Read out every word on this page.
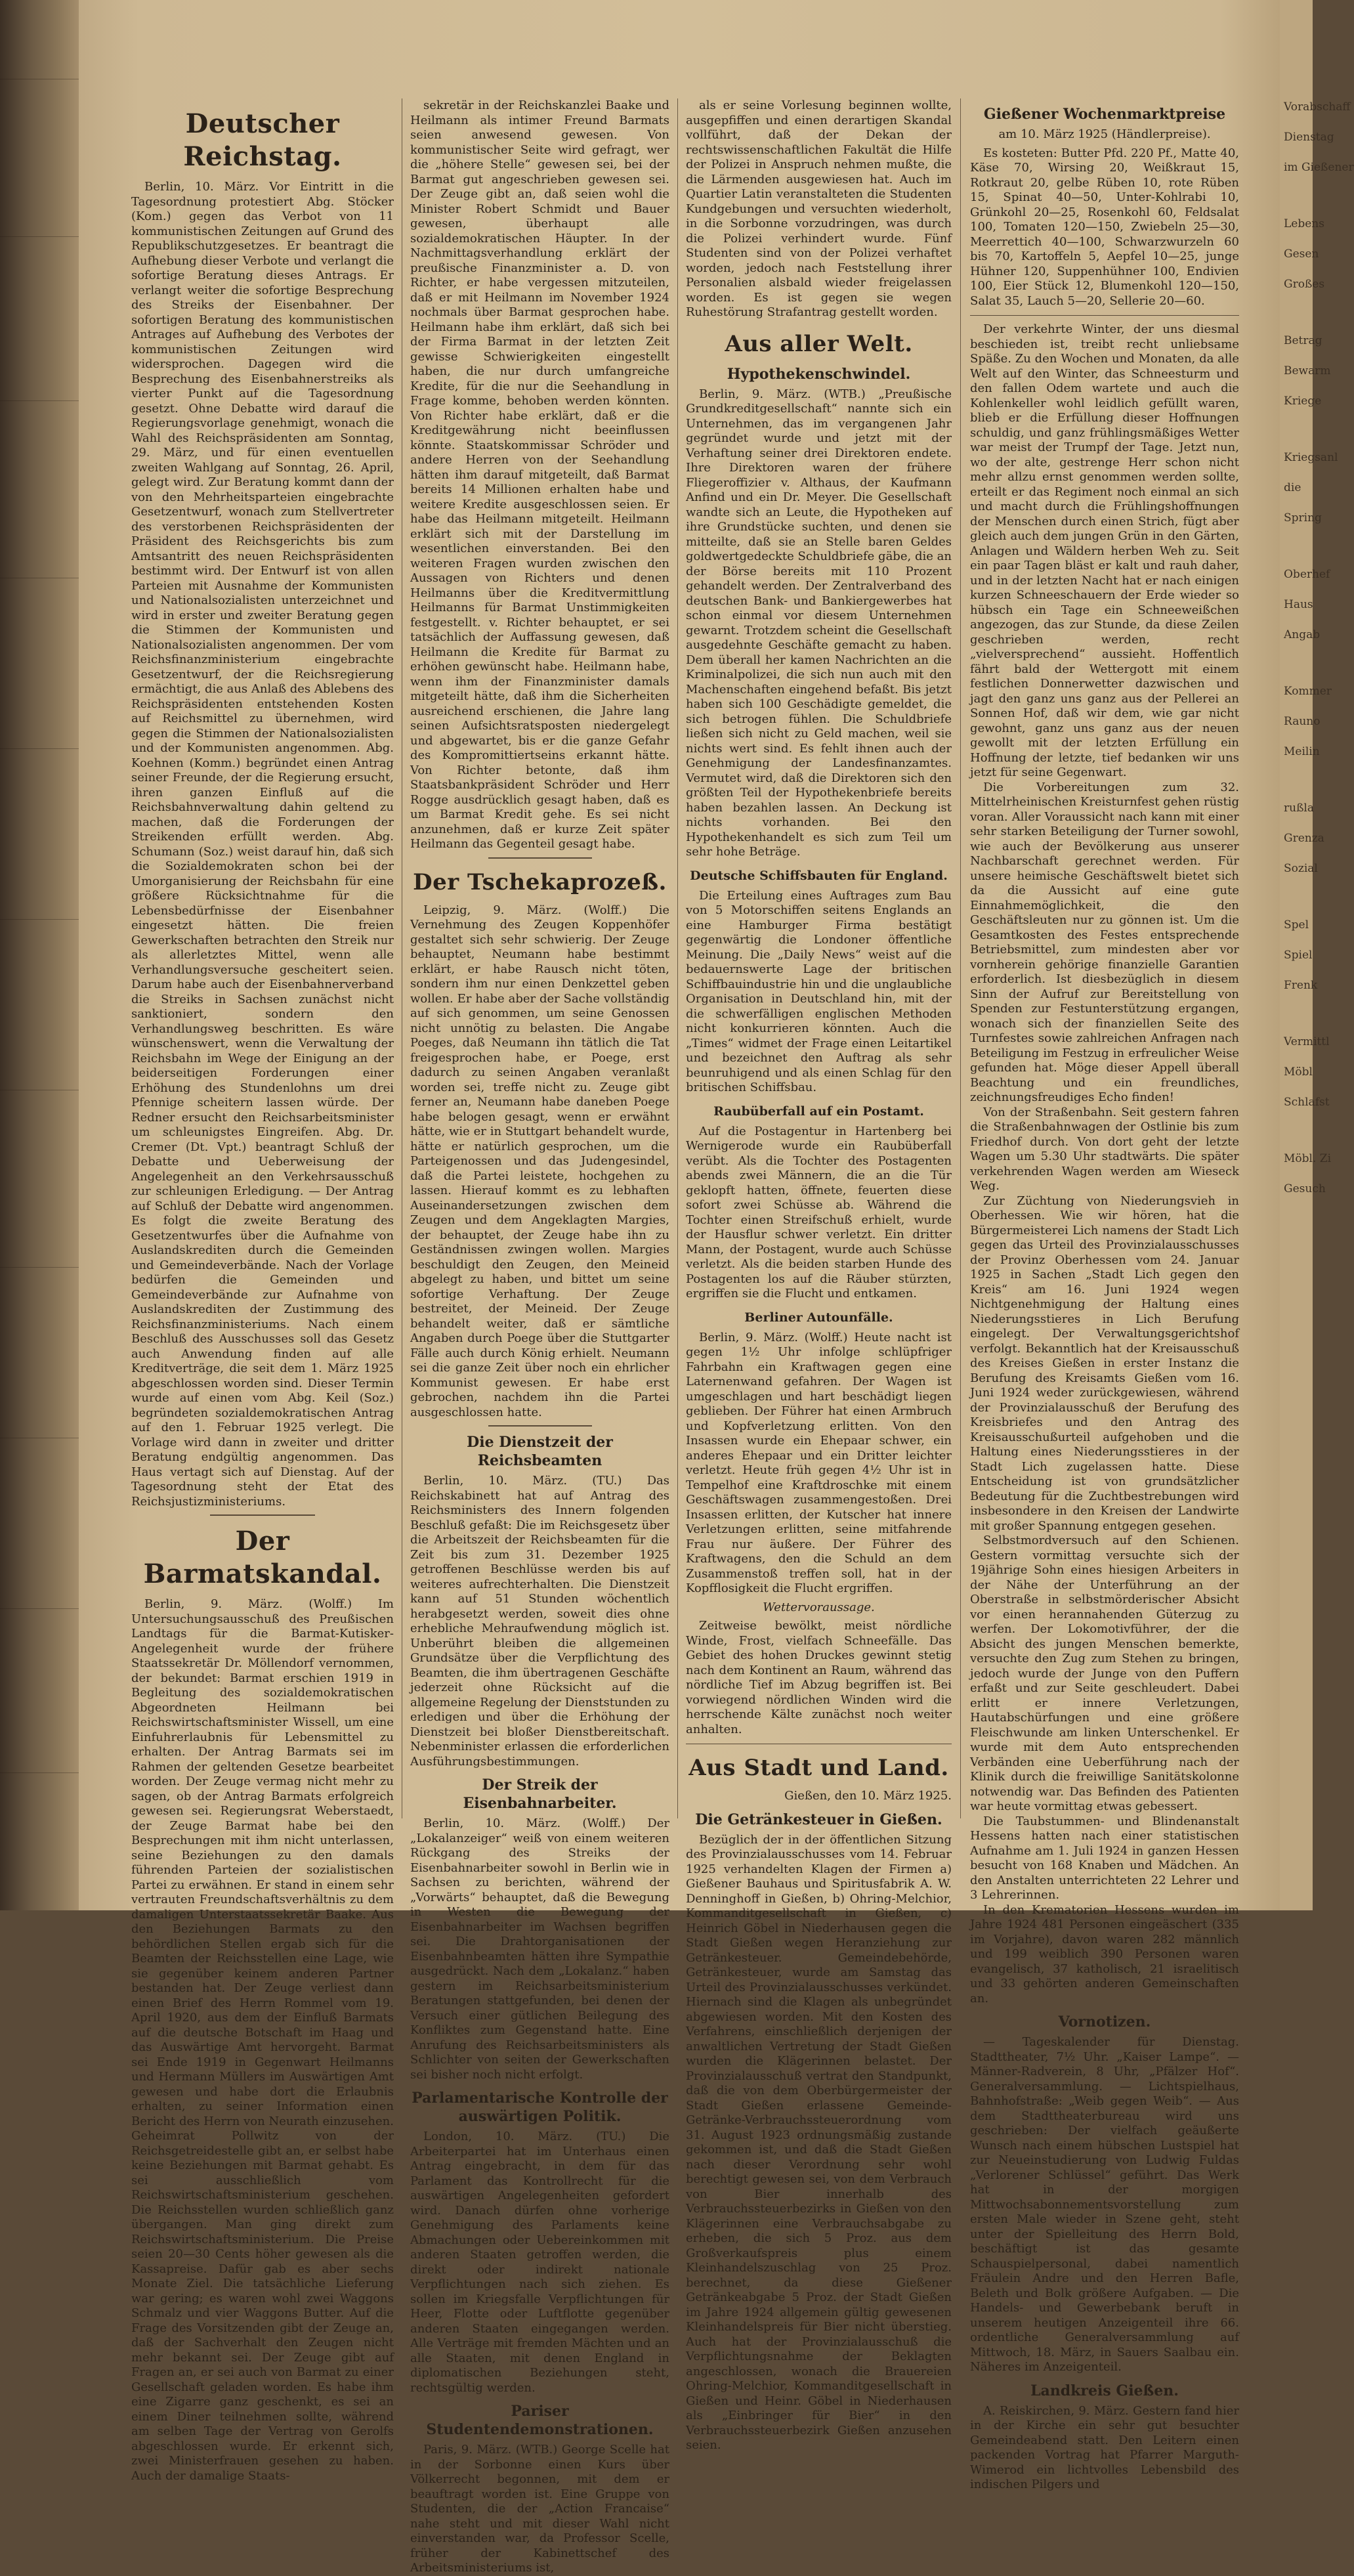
Deutscher Reichstag.

Berlin, 10. März. Vor Eintritt in die Tagesordnung protestiert Abg. Stöcker (Kom.) gegen das Verbot von 11 kommunistischen Zeitungen auf Grund des Republikschutzgesetzes. Er beantragt die Aufhebung dieser Verbote und verlangt die sofortige Beratung dieses Antrags. Er verlangt weiter die sofortige Besprechung des Streiks der Eisenbahner. Der sofortigen Beratung des kommunistischen Antrages auf Aufhebung des Verbotes der kommunistischen Zeitungen wird widersprochen. Dagegen wird die Besprechung des Eisenbahnerstreiks als vierter Punkt auf die Tagesordnung gesetzt. Ohne Debatte wird darauf die Regierungsvorlage genehmigt, wonach die Wahl des Reichspräsidenten am Sonntag, 29. März, und für einen eventuellen zweiten Wahlgang auf Sonntag, 26. April, gelegt wird. Zur Beratung kommt dann der von den Mehrheitsparteien eingebrachte Gesetzentwurf, wonach zum Stellvertreter des verstorbenen Reichspräsidenten der Präsident des Reichsgerichts bis zum Amtsantritt des neuen Reichspräsidenten bestimmt wird. Der Entwurf ist von allen Parteien mit Ausnahme der Kommunisten und Nationalsozialisten unterzeichnet und wird in erster und zweiter Beratung gegen die Stimmen der Kommunisten und Nationalsozialisten angenommen. Der vom Reichsfinanzministerium eingebrachte Gesetzentwurf, der die Reichsregierung ermächtigt, die aus Anlaß des Ablebens des Reichspräsidenten entstehenden Kosten auf Reichsmittel zu übernehmen, wird gegen die Stimmen der Nationalsozialisten und der Kommunisten angenommen. Abg. Koehnen (Komm.) begründet einen Antrag seiner Freunde, der die Regierung ersucht, ihren ganzen Einfluß auf die Reichsbahnverwaltung dahin geltend zu machen, daß die Forderungen der Streikenden erfüllt werden. Abg. Schumann (Soz.) weist darauf hin, daß sich die Sozialdemokraten schon bei der Umorganisierung der Reichsbahn für eine größere Rücksichtnahme für die Lebensbedürfnisse der Eisenbahner eingesetzt hätten. Die freien Gewerkschaften betrachten den Streik nur als allerletztes Mittel, wenn alle Verhandlungsversuche gescheitert seien. Darum habe auch der Eisenbahnerverband die Streiks in Sachsen zunächst nicht sanktioniert, sondern den Verhandlungsweg beschritten. Es wäre wünschenswert, wenn die Verwaltung der Reichsbahn im Wege der Einigung an der beiderseitigen Forderungen einer Erhöhung des Stundenlohns um drei Pfennige scheitern lassen würde. Der Redner ersucht den Reichsarbeitsminister um schleunigstes Eingreifen. Abg. Dr. Cremer (Dt. Vpt.) beantragt Schluß der Debatte und Ueberweisung der Angelegenheit an den Verkehrsausschuß zur schleunigen Erledigung. — Der Antrag auf Schluß der Debatte wird angenommen. Es folgt die zweite Beratung des Gesetzentwurfes über die Aufnahme von Auslandskrediten durch die Gemeinden und Gemeindeverbände. Nach der Vorlage bedürfen die Gemeinden und Gemeindeverbände zur Aufnahme von Auslandskrediten der Zustimmung des Reichsfinanzministeriums. Nach einem Beschluß des Ausschusses soll das Gesetz auch Anwendung finden auf alle Kreditverträge, die seit dem 1. März 1925 abgeschlossen worden sind. Dieser Termin wurde auf einen vom Abg. Keil (Soz.) begründeten sozialdemokratischen Antrag auf den 1. Februar 1925 verlegt. Die Vorlage wird dann in zweiter und dritter Beratung endgültig angenommen. Das Haus vertagt sich auf Dienstag. Auf der Tagesordnung steht der Etat des Reichsjustizministeriums.

Der Barmatskandal.

Berlin, 9. März. (Wolff.) Im Untersuchungsausschuß des Preußischen Landtags für die Barmat-Kutisker-Angelegenheit wurde der frühere Staatssekretär Dr. Möllendorf vernommen, der bekundet: Barmat erschien 1919 in Begleitung des sozialdemokratischen Abgeordneten Heilmann bei Reichswirtschaftsminister Wissell, um eine Einfuhrerlaubnis für Lebensmittel zu erhalten. Der Antrag Barmats sei im Rahmen der geltenden Gesetze bearbeitet worden. Der Zeuge vermag nicht mehr zu sagen, ob der Antrag Barmats erfolgreich gewesen sei. Regierungsrat Weberstaedt, der Zeuge Barmat habe bei den Besprechungen mit ihm nicht unterlassen, seine Beziehungen zu den damals führenden Parteien der sozialistischen Partei zu erwähnen. Er stand in einem sehr vertrauten Freundschaftsverhältnis zu dem damaligen Unterstaatssekretär Baake. Aus den Beziehungen Barmats zu den behördlichen Stellen ergab sich für die Beamten der Reichsstellen eine Lage, wie sie gegenüber keinem anderen Partner bestanden hat. Der Zeuge verliest dann einen Brief des Herrn Rommel vom 19. April 1920, aus dem der Einfluß Barmats auf die deutsche Botschaft im Haag und das Auswärtige Amt hervorgeht. Barmat sei Ende 1919 in Gegenwart Heilmanns und Hermann Müllers im Auswärtigen Amt gewesen und habe dort die Erlaubnis erhalten, zu seiner Information einen Bericht des Herrn von Neurath einzusehen. Geheimrat Pollwitz von der Reichsgetreidestelle gibt an, er selbst habe keine Beziehungen mit Barmat gehabt. Es sei ausschließlich vom Reichswirtschaftsministerium geschehen. Die Reichsstellen wurden schließlich ganz übergangen. Man ging direkt zum Reichswirtschaftsministerium. Die Preise seien 20—30 Cents höher gewesen als die Kassapreise. Dafür gab es aber sechs Monate Ziel. Die tatsächliche Lieferung war gering; es waren wohl zwei Waggons Schmalz und vier Waggons Butter. Auf die Frage des Vorsitzenden gibt der Zeuge an, daß der Sachverhalt den Zeugen nicht mehr bekannt sei. Der Zeuge gibt auf Fragen an, er sei auch von Barmat zu einer Gesellschaft geladen worden. Es habe ihm eine Zigarre ganz geschenkt, es sei an einem Diner teilnehmen sollte, während am selben Tage der Vertrag von Gerolfs abgeschlossen wurde. Er erkennt sich, zwei Ministerfrauen gesehen zu haben. Auch der damalige Staats-

sekretär in der Reichskanzlei Baake und Heilmann als intimer Freund Barmats seien anwesend gewesen. Von kommunistischer Seite wird gefragt, wer die „höhere Stelle“ gewesen sei, bei der Barmat gut angeschrieben gewesen sei. Der Zeuge gibt an, daß seien wohl die Minister Robert Schmidt und Bauer gewesen, überhaupt alle sozialdemokratischen Häupter. In der Nachmittagsverhandlung erklärt der preußische Finanzminister a. D. von Richter, er habe vergessen mitzuteilen, daß er mit Heilmann im November 1924 nochmals über Barmat gesprochen habe. Heilmann habe ihm erklärt, daß sich bei der Firma Barmat in der letzten Zeit gewisse Schwierigkeiten eingestellt haben, die nur durch umfangreiche Kredite, für die nur die Seehandlung in Frage komme, behoben werden könnten. Von Richter habe erklärt, daß er die Kreditgewährung nicht beeinflussen könnte. Staatskommissar Schröder und andere Herren von der Seehandlung hätten ihm darauf mitgeteilt, daß Barmat bereits 14 Millionen erhalten habe und weitere Kredite ausgeschlossen seien. Er habe das Heilmann mitgeteilt. Heilmann erklärt sich mit der Darstellung im wesentlichen einverstanden. Bei den weiteren Fragen wurden zwischen den Aussagen von Richters und denen Heilmanns über die Kreditvermittlung Heilmanns für Barmat Unstimmigkeiten festgestellt. v. Richter behauptet, er sei tatsächlich der Auffassung gewesen, daß Heilmann die Kredite für Barmat zu erhöhen gewünscht habe. Heilmann habe, wenn ihm der Finanzminister damals mitgeteilt hätte, daß ihm die Sicherheiten ausreichend erschienen, die Jahre lang seinen Aufsichtsratsposten niedergelegt und abgewartet, bis er die ganze Gefahr des Kompromittiertseins erkannt hätte. Von Richter betonte, daß ihm Staatsbankpräsident Schröder und Herr Rogge ausdrücklich gesagt haben, daß es um Barmat Kredit gehe. Es sei nicht anzunehmen, daß er kurze Zeit später Heilmann das Gegenteil gesagt habe.

Der Tschekaprozeß.

Leipzig, 9. März. (Wolff.) Die Vernehmung des Zeugen Koppenhöfer gestaltet sich sehr schwierig. Der Zeuge behauptet, Neumann habe bestimmt erklärt, er habe Rausch nicht töten, sondern ihm nur einen Denkzettel geben wollen. Er habe aber der Sache vollständig auf sich genommen, um seine Genossen nicht unnötig zu belasten. Die Angabe Poeges, daß Neumann ihn tätlich die Tat freigesprochen habe, er Poege, erst dadurch zu seinen Angaben veranlaßt worden sei, treffe nicht zu. Zeuge gibt ferner an, Neumann habe daneben Poege habe belogen gesagt, wenn er erwähnt hätte, wie er in Stuttgart behandelt wurde, hätte er natürlich gesprochen, um die Parteigenossen und das Judengesindel, daß die Partei leistete, hochgehen zu lassen. Hierauf kommt es zu lebhaften Auseinandersetzungen zwischen dem Zeugen und dem Angeklagten Margies, der behauptet, der Zeuge habe ihn zu Geständnissen zwingen wollen. Margies beschuldigt den Zeugen, den Meineid abgelegt zu haben, und bittet um seine sofortige Verhaftung. Der Zeuge bestreitet, der Meineid. Der Zeuge behandelt weiter, daß er sämtliche Angaben durch Poege über die Stuttgarter Fälle auch durch König erhielt. Neumann sei die ganze Zeit über noch ein ehrlicher Kommunist gewesen. Er habe erst gebrochen, nachdem ihn die Partei ausgeschlossen hatte.

Die Dienstzeit der Reichsbeamten

Berlin, 10. März. (TU.) Das Reichskabinett hat auf Antrag des Reichsministers des Innern folgenden Beschluß gefaßt: Die im Reichsgesetz über die Arbeitszeit der Reichsbeamten für die Zeit bis zum 31. Dezember 1925 getroffenen Beschlüsse werden bis auf weiteres aufrechterhalten. Die Dienstzeit kann auf 51 Stunden wöchentlich herabgesetzt werden, soweit dies ohne erhebliche Mehraufwendung möglich ist. Unberührt bleiben die allgemeinen Grundsätze über die Verpflichtung des Beamten, die ihm übertragenen Geschäfte jederzeit ohne Rücksicht auf die allgemeine Regelung der Dienststunden zu erledigen und über die Erhöhung der Dienstzeit bei bloßer Dienstbereitschaft. Nebenminister erlassen die erforderlichen Ausführungsbestimmungen.

Der Streik der Eisenbahnarbeiter.

Berlin, 10. März. (Wolff.) Der „Lokalanzeiger“ weiß von einem weiteren Rückgang des Streiks der Eisenbahnarbeiter sowohl in Berlin wie in Sachsen zu berichten, während der „Vorwärts“ behauptet, daß die Bewegung in Westen die Bewegung der Eisenbahnarbeiter im Wachsen begriffen sei. Die Drahtorganisationen der Eisenbahnbeamten hätten ihre Sympathie ausgedrückt. Nach dem „Lokalanz.“ haben gestern im Reichsarbeitsministerium Beratungen stattgefunden, bei denen der Versuch einer gütlichen Beilegung des Konfliktes zum Gegenstand hatte. Eine Anrufung des Reichsarbeitsministers als Schlichter von seiten der Gewerkschaften sei bisher noch nicht erfolgt.

Parlamentarische Kontrolle der auswärtigen Politik.

London, 10. März. (TU.) Die Arbeiterpartei hat im Unterhaus einen Antrag eingebracht, in dem für das Parlament das Kontrollrecht für die auswärtigen Angelegenheiten gefordert wird. Danach dürfen ohne vorherige Genehmigung des Parlaments keine Abmachungen oder Uebereinkommen mit anderen Staaten getroffen werden, die direkt oder indirekt nationale Verpflichtungen nach sich ziehen. Es sollen im Kriegsfalle Verpflichtungen für Heer, Flotte oder Luftflotte gegenüber anderen Staaten eingegangen werden. Alle Verträge mit fremden Mächten und an alle Staaten, mit denen England in diplomatischen Beziehungen steht, rechtsgültig werden.

Pariser Studentendemonstrationen.

Paris, 9. März. (WTB.) George Scelle hat in der Sorbonne einen Kurs über Völkerrecht begonnen, mit dem er beauftragt worden ist. Eine Gruppe von Studenten, die der „Action Francaise“ nahe steht und mit dieser Wahl nicht einverstanden war, da Professor Scelle, früher der Kabinettschef des Arbeitsministeriums ist,

als er seine Vorlesung beginnen wollte, ausgepfiffen und einen derartigen Skandal vollführt, daß der Dekan der rechtswissenschaftlichen Fakultät die Hilfe der Polizei in Anspruch nehmen mußte, die die Lärmenden ausgewiesen hat. Auch im Quartier Latin veranstalteten die Studenten Kundgebungen und versuchten wiederholt, in die Sorbonne vorzudringen, was durch die Polizei verhindert wurde. Fünf Studenten sind von der Polizei verhaftet worden, jedoch nach Feststellung ihrer Personalien alsbald wieder freigelassen worden. Es ist gegen sie wegen Ruhestörung Strafantrag gestellt worden.

Aus aller Welt.
Hypothekenschwindel.

Berlin, 9. März. (WTB.) „Preußische Grundkreditgesellschaft“ nannte sich ein Unternehmen, das im vergangenen Jahr gegründet wurde und jetzt mit der Verhaftung seiner drei Direktoren endete. Ihre Direktoren waren der frühere Fliegeroffizier v. Althaus, der Kaufmann Anfind und ein Dr. Meyer. Die Gesellschaft wandte sich an Leute, die Hypotheken auf ihre Grundstücke suchten, und denen sie mitteilte, daß sie an Stelle baren Geldes goldwertgedeckte Schuldbriefe gäbe, die an der Börse bereits mit 110 Prozent gehandelt werden. Der Zentralverband des deutschen Bank- und Bankiergewerbes hat schon einmal vor diesem Unternehmen gewarnt. Trotzdem scheint die Gesellschaft ausgedehnte Geschäfte gemacht zu haben. Dem überall her kamen Nachrichten an die Kriminalpolizei, die sich nun auch mit den Machenschaften eingehend befaßt. Bis jetzt haben sich 100 Geschädigte gemeldet, die sich betrogen fühlen. Die Schuldbriefe ließen sich nicht zu Geld machen, weil sie nichts wert sind. Es fehlt ihnen auch der Genehmigung der Landesfinanzamtes. Vermutet wird, daß die Direktoren sich den größten Teil der Hypothekenbriefe bereits haben bezahlen lassen. An Deckung ist nichts vorhanden. Bei den Hypothekenhandelt es sich zum Teil um sehr hohe Beträge.

Deutsche Schiffsbauten für England.

Die Erteilung eines Auftrages zum Bau von 5 Motorschiffen seitens Englands an eine Hamburger Firma bestätigt gegenwärtig die Londoner öffentliche Meinung. Die „Daily News“ weist auf die bedauernswerte Lage der britischen Schiffbauindustrie hin und die unglaubliche Organisation in Deutschland hin, mit der die schwerfälligen englischen Methoden nicht konkurrieren könnten. Auch die „Times“ widmet der Frage einen Leitartikel und bezeichnet den Auftrag als sehr beunruhigend und als einen Schlag für den britischen Schiffsbau.

Raubüberfall auf ein Postamt.

Auf die Postagentur in Hartenberg bei Wernigerode wurde ein Raubüberfall verübt. Als die Tochter des Postagenten abends zwei Männern, die an die Tür geklopft hatten, öffnete, feuerten diese sofort zwei Schüsse ab. Während die Tochter einen Streifschuß erhielt, wurde der Hausflur schwer verletzt. Ein dritter Mann, der Postagent, wurde auch Schüsse verletzt. Als die beiden starben Hunde des Postagenten los auf die Räuber stürzten, ergriffen sie die Flucht und entkamen.

Berliner Autounfälle.

Berlin, 9. März. (Wolff.) Heute nacht ist gegen 1½ Uhr infolge schlüpfriger Fahrbahn ein Kraftwagen gegen eine Laternenwand gefahren. Der Wagen ist umgeschlagen und hart beschädigt liegen geblieben. Der Führer hat einen Armbruch und Kopfverletzung erlitten. Von den Insassen wurde ein Ehepaar schwer, ein anderes Ehepaar und ein Dritter leichter verletzt. Heute früh gegen 4½ Uhr ist in Tempelhof eine Kraftdroschke mit einem Geschäftswagen zusammengestoßen. Drei Insassen erlitten, der Kutscher hat innere Verletzungen erlitten, seine mitfahrende Frau nur äußere. Der Führer des Kraftwagens, den die Schuld an dem Zusammenstoß treffen soll, hat in der Kopfflosigkeit die Flucht ergriffen.

Wettervoraussage.

Zeitweise bewölkt, meist nördliche Winde, Frost, vielfach Schneefälle. Das Gebiet des hohen Druckes gewinnt stetig nach dem Kontinent an Raum, während das nördliche Tief im Abzug begriffen ist. Bei vorwiegend nördlichen Winden wird die herrschende Kälte zunächst noch weiter anhalten.

Aus Stadt und Land.
Gießen, den 10. März 1925.
Die Getränkesteuer in Gießen.

Bezüglich der in der öffentlichen Sitzung des Provinzialausschusses vom 14. Februar 1925 verhandelten Klagen der Firmen a) Gießener Bauhaus und Spiritusfabrik A. W. Denninghoff in Gießen, b) Ohring-Melchior, Kommanditgesellschaft in Gießen, c) Heinrich Göbel in Niederhausen gegen die Stadt Gießen wegen Heranziehung zur Getränkesteuer. Gemeindebehörde, Getränkesteuer, wurde am Samstag das Urteil des Provinzialausschusses verkündet. Hiernach sind die Klagen als unbegründet abgewiesen worden. Mit den Kosten des Verfahrens, einschließlich derjenigen der anwaltlichen Vertretung der Stadt Gießen wurden die Klägerinnen belastet. Der Provinzialausschuß vertrat den Standpunkt, daß die von dem Oberbürgermeister der Stadt Gießen erlassene Gemeinde-Getränke-Verbrauchssteuerordnung vom 31. August 1923 ordnungsmäßig zustande gekommen ist, und daß die Stadt Gießen nach dieser Verordnung sehr wohl berechtigt gewesen sei, von dem Verbrauch von Bier innerhalb des Verbrauchssteuerbezirks in Gießen von den Klägerinnen eine Verbrauchsabgabe zu erheben, die sich 5 Proz. aus dem Großverkaufspreis plus einem Kleinhandelszuschlag von 25 Proz. berechnet, da diese Gießener Getränkeabgabe 5 Proz. der Stadt Gießen im Jahre 1924 allgemein gültig gewesenen Kleinhandelspreis für Bier nicht überstieg. Auch hat der Provinzialausschuß die Verpflichtungsnahme der Beklagten angeschlossen, wonach die Brauereien Ohring-Melchior, Kommanditgesellschaft in Gießen und Heinr. Göbel in Niederhausen als „Einbringer für Bier“ in den Verbrauchssteuerbezirk Gießen anzusehen seien.

Gießener Wochenmarktpreise
am 10. März 1925 (Händlerpreise).

Es kosteten: Butter Pfd. 220 Pf., Matte 40, Käse 70, Wirsing 20, Weißkraut 15, Rotkraut 20, gelbe Rüben 10, rote Rüben 15, Spinat 40—50, Unter-Kohlrabi 10, Grünkohl 20—25, Rosenkohl 60, Feldsalat 100, Tomaten 120—150, Zwiebeln 25—30, Meerrettich 40—100, Schwarzwurzeln 60 bis 70, Kartoffeln 5, Aepfel 10—25, junge Hühner 120, Suppenhühner 100, Endivien 100, Eier Stück 12, Blumenkohl 120—150, Salat 35, Lauch 5—20, Sellerie 20—60.

Der verkehrte Winter, der uns diesmal beschieden ist, treibt recht unliebsame Späße. Zu den Wochen und Monaten, da alle Welt auf den Winter, das Schneesturm und den fallen Odem wartete und auch die Kohlenkeller wohl leidlich gefüllt waren, blieb er die Erfüllung dieser Hoffnungen schuldig, und ganz frühlingsmäßiges Wetter war meist der Trumpf der Tage. Jetzt nun, wo der alte, gestrenge Herr schon nicht mehr allzu ernst genommen werden sollte, erteilt er das Regiment noch einmal an sich und macht durch die Frühlingshoffnungen der Menschen durch einen Strich, fügt aber gleich auch dem jungen Grün in den Gärten, Anlagen und Wäldern herben Weh zu. Seit ein paar Tagen bläst er kalt und rauh daher, und in der letzten Nacht hat er nach einigen kurzen Schneeschauern der Erde wieder so hübsch ein Tage ein Schneeweißchen angezogen, das zur Stunde, da diese Zeilen geschrieben werden, recht „vielversprechend“ aussieht. Hoffentlich fährt bald der Wettergott mit einem festlichen Donnerwetter dazwischen und jagt den ganz uns ganz aus der Pellerei an Sonnen Hof, daß wir dem, wie gar nicht gewohnt, ganz uns ganz aus der neuen gewollt mit der letzten Erfüllung ein Hoffnung der letzte, tief bedanken wir uns jetzt für seine Gegenwart.

Die Vorbereitungen zum 32. Mittelrheinischen Kreisturnfest gehen rüstig voran. Aller Voraussicht nach kann mit einer sehr starken Beteiligung der Turner sowohl, wie auch der Bevölkerung aus unserer Nachbarschaft gerechnet werden. Für unsere heimische Geschäftswelt bietet sich da die Aussicht auf eine gute Einnahmemöglichkeit, die den Geschäftsleuten nur zu gönnen ist. Um die Gesamtkosten des Festes entsprechende Betriebsmittel, zum mindesten aber vor vornherein gehörige finanzielle Garantien erforderlich. Ist diesbezüglich in diesem Sinn der Aufruf zur Bereitstellung von Spenden zur Festunterstützung ergangen, wonach sich der finanziellen Seite des Turnfestes sowie zahlreichen Anfragen nach Beteiligung im Festzug in erfreulicher Weise gefunden hat. Möge dieser Appell überall Beachtung und ein freundliches, zeichnungsfreudiges Echo finden!

Von der Straßenbahn. Seit gestern fahren die Straßenbahnwagen der Ostlinie bis zum Friedhof durch. Von dort geht der letzte Wagen um 5.30 Uhr stadtwärts. Die später verkehrenden Wagen werden am Wieseck Weg.

Zur Züchtung von Niederungsvieh in Oberhessen. Wie wir hören, hat die Bürgermeisterei Lich namens der Stadt Lich gegen das Urteil des Provinzialausschusses der Provinz Oberhessen vom 24. Januar 1925 in Sachen „Stadt Lich gegen den Kreis“ am 16. Juni 1924 wegen Nichtgenehmigung der Haltung eines Niederungsstieres in Lich Berufung eingelegt. Der Verwaltungsgerichtshof verfolgt. Bekanntlich hat der Kreisausschuß des Kreises Gießen in erster Instanz die Berufung des Kreisamts Gießen vom 16. Juni 1924 weder zurückgewiesen, während der Provinzialausschuß der Berufung des Kreisbriefes und den Antrag des Kreisausschußurteil aufgehoben und die Haltung eines Niederungsstieres in der Stadt Lich zugelassen hatte. Diese Entscheidung ist von grundsätzlicher Bedeutung für die Zuchtbestrebungen wird insbesondere in den Kreisen der Landwirte mit großer Spannung entgegen gesehen.

Selbstmordversuch auf den Schienen. Gestern vormittag versuchte sich der 19jährige Sohn eines hiesigen Arbeiters in der Nähe der Unterführung an der Oberstraße in selbstmörderischer Absicht vor einen herannahenden Güterzug zu werfen. Der Lokomotivführer, der die Absicht des jungen Menschen bemerkte, versuchte den Zug zum Stehen zu bringen, jedoch wurde der Junge von den Puffern erfaßt und zur Seite geschleudert. Dabei erlitt er innere Verletzungen, Hautabschürfungen und eine größere Fleischwunde am linken Unterschenkel. Er wurde mit dem Auto entsprechenden Verbänden eine Ueberführung nach der Klinik durch die freiwillige Sanitätskolonne notwendig war. Das Befinden des Patienten war heute vormittag etwas gebessert.

Die Taubstummen- und Blindenanstalt Hessens hatten nach einer statistischen Aufnahme am 1. Juli 1924 in ganzen Hessen besucht von 168 Knaben und Mädchen. An den Anstalten unterrichteten 22 Lehrer und 3 Lehrerinnen.

In den Krematorien Hessens wurden im Jahre 1924 481 Personen eingeäschert (335 im Vorjahre), davon waren 282 männlich und 199 weiblich 390 Personen waren evangelisch, 37 katholisch, 21 israelitisch und 33 gehörten anderen Gemeinschaften an.

Vornotizen.

— Tageskalender für Dienstag. Stadttheater, 7½ Uhr. „Kaiser Lampe“. — Männer-Radverein, 8 Uhr, „Pfälzer Hof“. Generalversammlung. — Lichtspielhaus, Bahnhofstraße: „Weib gegen Weib“. — Aus dem Stadttheaterbureau wird uns geschrieben: Der vielfach geäußerte Wunsch nach einem hübschen Lustspiel hat zur Neueinstudierung von Ludwig Fuldas „Verlorener Schlüssel“ geführt. Das Werk hat in der morgigen Mittwochsabonnementsvorstellung zum ersten Male wieder in Szene geht, steht unter der Spielleitung des Herrn Bold, beschäftigt ist das gesamte Schauspielpersonal, dabei namentlich Fräulein Andre und den Herren Bafle, Beleth und Bolk größere Aufgaben. — Die Handels- und Gewerbebank beruft in unserem heutigen Anzeigenteil ihre 66. ordentliche Generalversammlung auf Mittwoch, 18. März, in Sauers Saalbau ein. Näheres im Anzeigenteil.

Landkreis Gießen.

A. Reiskirchen, 9. März. Gestern fand hier in der Kirche ein sehr gut besuchter Gemeindeabend statt. Den Leitern einen packenden Vortrag hat Pfarrer Marguth-Wimerod ein lichtvolles Lebensbild des indischen Pilgers und

Vorabschaff
Dienstag
im Gießener
Lebens
Gesen
Großes
Betrag
Bewarm
Kriege
Kriegsanl
die
Spring
Oberhef
Haus
Angab
Kommer
Rauno
Meilin
rußla
Grenza
Sozial
Spel
Spiel
Frenk
Vermittl
Möbl
Schlafst
Möbl. Zi
Gesuch
